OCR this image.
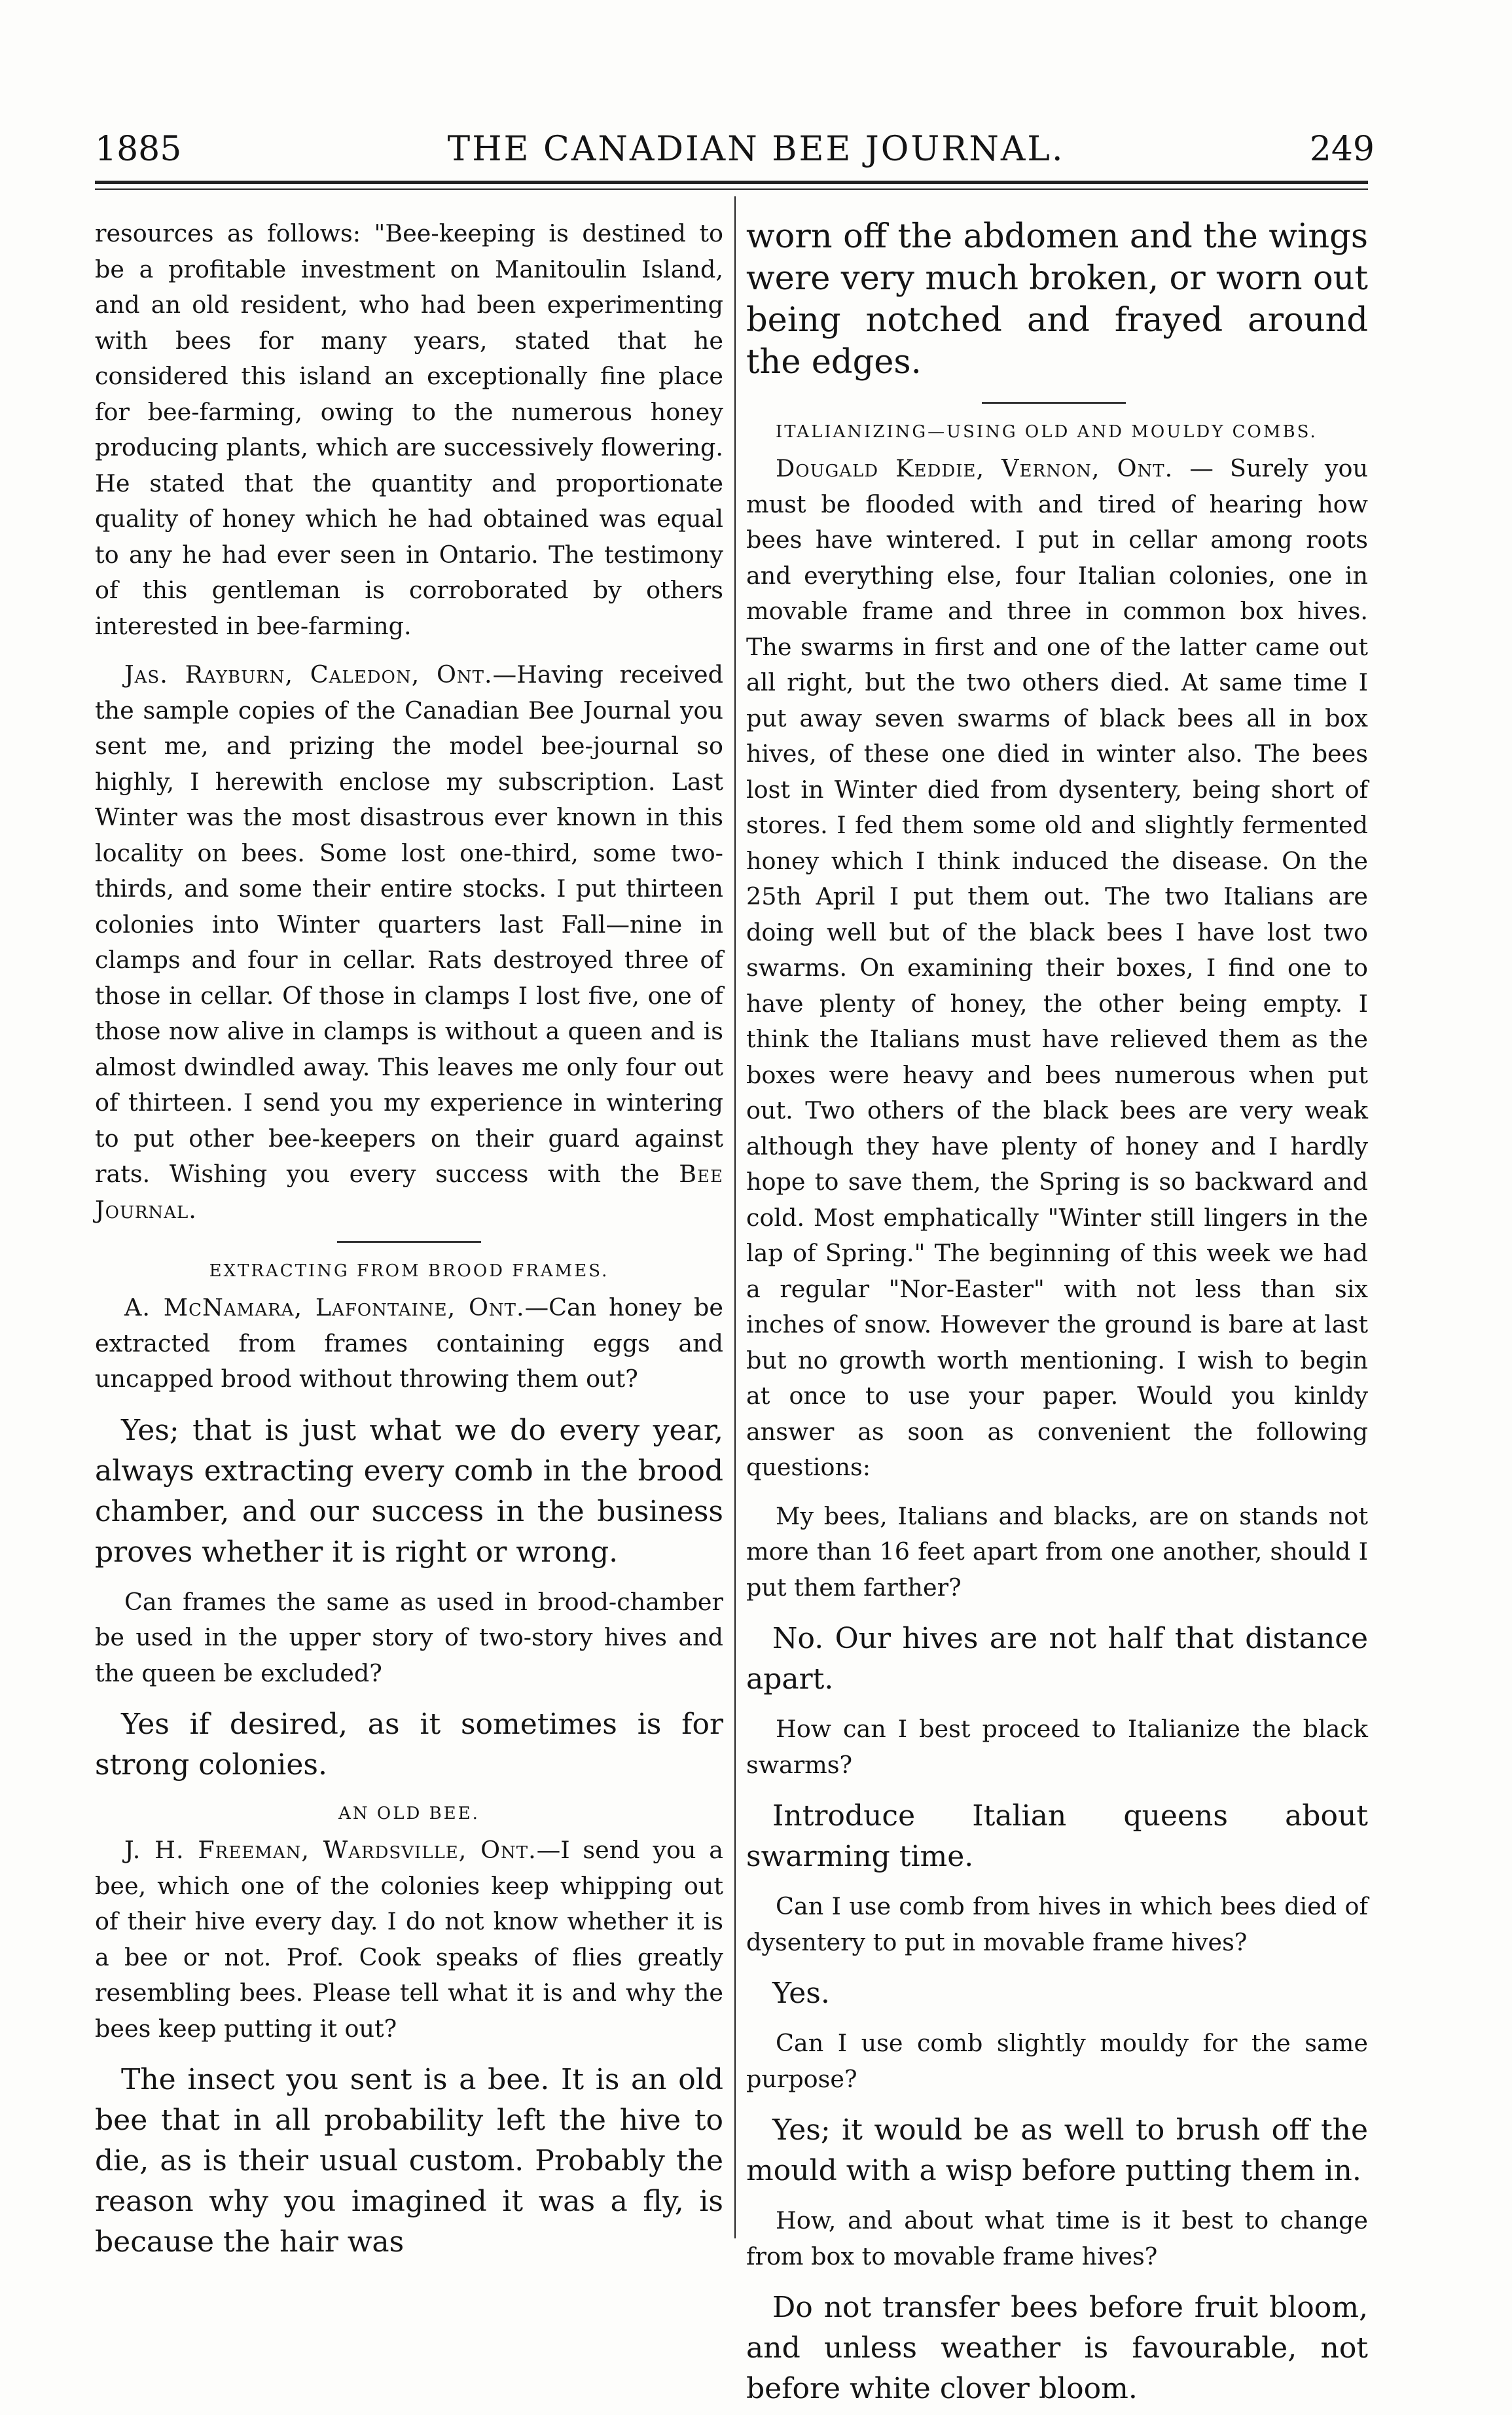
THE CANADIAN BEE JOURNAL.
1885	249

resources as follows: "Bee-keeping is destined to be a profitable investment on Manitoulin Island, and an old resident, who had been experimenting with bees for many years, stated that he considered this island an exceptionally fine place for bee-farming, owing to the numerous honey producing plants, which are successively flowering. He stated that the quantity and proportionate quality of honey which he had obtained was equal to any he had ever seen in Ontario. The testimony of this gentleman is corroborated by others interested in bee-farming.

Jas. Rayburn, Caledon, Ont.—Having received the sample copies of the Canadian Bee Journal you sent me, and prizing the model bee-journal so highly, I herewith enclose my subscription. Last Winter was the most disastrous ever known in this locality on bees. Some lost one-third, some two-thirds, and some their entire stocks. I put thirteen colonies into Winter quarters last Fall—nine in clamps and four in cellar. Rats destroyed three of those in cellar. Of those in clamps I lost five, one of those now alive in clamps is without a queen and is almost dwindled away. This leaves me only four out of thirteen. I send you my experience in wintering to put other bee-keepers on their guard against rats. Wishing you every success with the Bee Journal.

EXTRACTING FROM BROOD FRAMES.

A. McNamara, Lafontaine, Ont.—Can honey be extracted from frames containing eggs and uncapped brood without throwing them out?

Yes; that is just what we do every year, always extracting every comb in the brood chamber, and our success in the business proves whether it is right or wrong.

Can frames the same as used in brood-chamber be used in the upper story of two-story hives and the queen be excluded?

Yes if desired, as it sometimes is for strong colonies.

AN OLD BEE.

J. H. Freeman, Wardsville, Ont.—I send you a bee, which one of the colonies keep whipping out of their hive every day. I do not know whether it is a bee or not. Prof. Cook speaks of flies greatly resembling bees. Please tell what it is and why the bees keep putting it out?

The insect you sent is a bee. It is an old bee that in all probability left the hive to die, as is their usual custom. Probably the reason why you imagined it was a fly, is because the hair was

worn off the abdomen and the wings were very much broken, or worn out being notched and frayed around the edges.

ITALIANIZING—USING OLD AND MOULDY COMBS.

Dougald Keddie, Vernon, Ont. — Surely you must be flooded with and tired of hearing how bees have wintered. I put in cellar among roots and everything else, four Italian colonies, one in movable frame and three in common box hives. The swarms in first and one of the latter came out all right, but the two others died. At same time I put away seven swarms of black bees all in box hives, of these one died in winter also. The bees lost in Winter died from dysentery, being short of stores. I fed them some old and slightly fermented honey which I think induced the disease. On the 25th April I put them out. The two Italians are doing well but of the black bees I have lost two swarms. On examining their boxes, I find one to have plenty of honey, the other being empty. I think the Italians must have relieved them as the boxes were heavy and bees numerous when put out. Two others of the black bees are very weak although they have plenty of honey and I hardly hope to save them, the Spring is so backward and cold. Most emphatically "Winter still lingers in the lap of Spring." The beginning of this week we had a regular "Nor-Easter" with not less than six inches of snow. However the ground is bare at last but no growth worth mentioning. I wish to begin at once to use your paper. Would you kinldy answer as soon as convenient the following questions:

My bees, Italians and blacks, are on stands not more than 16 feet apart from one another, should I put them farther?

No. Our hives are not half that distance apart.

How can I best proceed to Italianize the black swarms?

Introduce Italian queens about swarming time.

Can I use comb from hives in which bees died of dysentery to put in movable frame hives?

Yes.

Can I use comb slightly mouldy for the same purpose?

Yes; it would be as well to brush off the mould with a wisp before putting them in.

How, and about what time is it best to change from box to movable frame hives?

Do not transfer bees before fruit bloom, and unless weather is favourable, not before white clover bloom.
